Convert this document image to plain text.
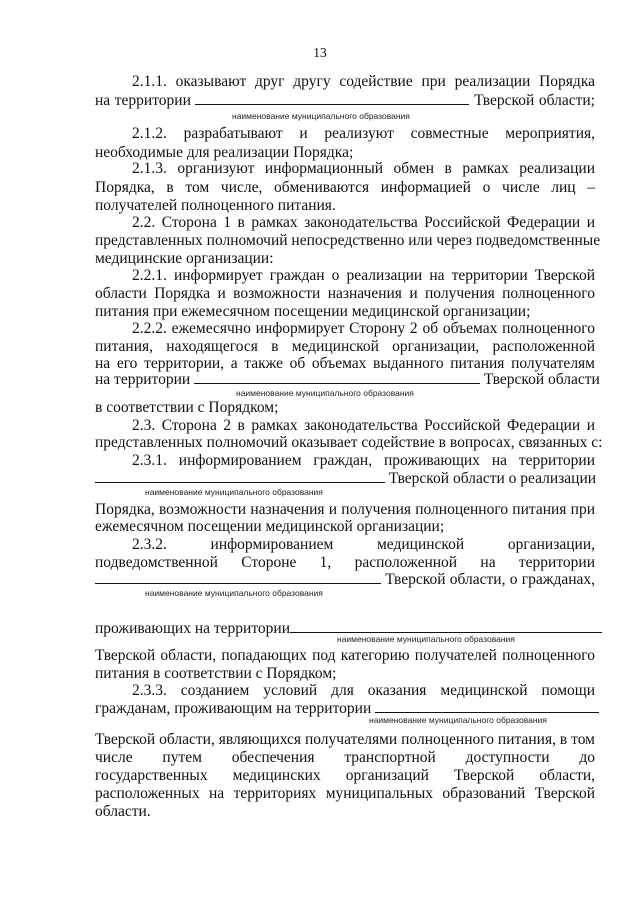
13
2.1.1. оказывают друг другу содействие при реализации Порядка
на территории	Тверской области;
наименование муниципального образования
2.1.2. разрабатывают и реализуют совместные мероприятия,
необходимые для реализации Порядка;
2.1.3. организуют информационный обмен в рамках реализации
Порядка, в том числе, обмениваются информацией о числе лиц –
получателей полноценного питания.
2.2. Сторона 1 в рамках законодательства Российской Федерации и
представленных полномочий непосредственно или через подведомственные
медицинские организации:
2.2.1. информирует граждан о реализации на территории Тверской
области Порядка и возможности назначения и получения полноценного
питания при ежемесячном посещении медицинской организации;
2.2.2. ежемесячно информирует Сторону 2 об объемах полноценного
питания, находящегося в медицинской организации, расположенной
на его территории, а также об объемах выданного питания получателям
на территории	Тверской области
наименование муниципального образования
в соответствии с Порядком;
2.3. Сторона 2 в рамках законодательства Российской Федерации и
представленных полномочий оказывает содействие в вопросах, связанных с:
2.3.1. информированием граждан, проживающих на территории
Тверской области о реализации
наименование муниципального образования
Порядка, возможности назначения и получения полноценного питания при
ежемесячном посещении медицинской организации;
2.3.2. информированием медицинской организации,
подведомственной Стороне 1, расположенной на территории
Тверской области, о гражданах,
наименование муниципального образования
проживающих на территории
наименование муниципального образования
Тверской области, попадающих под категорию получателей полноценного
питания в соответствии с Порядком;
2.3.3. созданием условий для оказания медицинской помощи
гражданам, проживающим на территории
наименование муниципального образования
Тверской области, являющихся получателями полноценного питания, в том
числе путем обеспечения транспортной доступности до
государственных медицинских организаций Тверской области,
расположенных на территориях муниципальных образований Тверской
области.
